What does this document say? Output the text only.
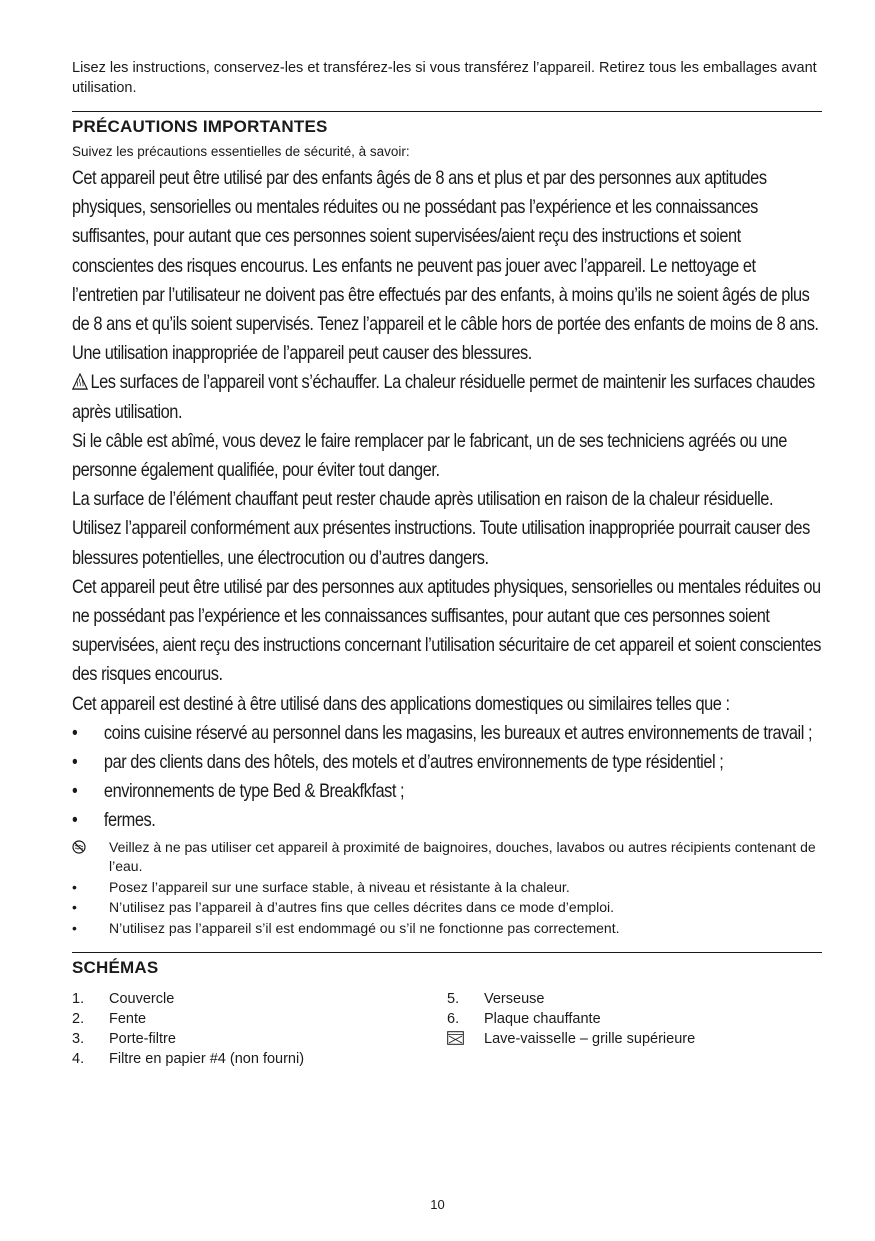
Lisez les instructions, conservez-les et transférez-les si vous transférez l’appareil. Retirez tous les emballages avant utilisation.

PRÉCAUTIONS IMPORTANTES

Suivez les précautions essentielles de sécurité, à savoir:

Cet appareil peut être utilisé par des enfants âgés de 8 ans et plus et par des personnes aux aptitudes physiques, sensorielles ou mentales réduites ou ne possédant pas l’expérience et les connaissances suffisantes, pour autant que ces personnes soient supervisées/aient reçu des instructions et soient conscientes des risques encourus. Les enfants ne peuvent pas jouer avec l’appareil. Le nettoyage et l’entretien par l’utilisateur ne doivent pas être effectués par des enfants, à moins qu’ils ne soient âgés de plus de 8 ans et qu’ils soient supervisés. Tenez l’appareil et le câble hors de portée des enfants de moins de 8 ans.

Une utilisation inappropriée de l’appareil peut causer des blessures.

Les surfaces de l’appareil vont s’échauffer. La chaleur résiduelle permet de maintenir les surfaces chaudes après utilisation.

Si le câble est abîmé, vous devez le faire remplacer par le fabricant, un de ses techniciens agréés ou une personne également qualifiée, pour éviter tout danger.

La surface de l’élément chauffant peut rester chaude après utilisation en raison de la chaleur résiduelle.

Utilisez l’appareil conformément aux présentes instructions. Toute utilisation inappropriée pourrait causer des blessures potentielles, une électrocution ou d’autres dangers.

Cet appareil peut être utilisé par des personnes aux aptitudes physiques, sensorielles ou mentales réduites ou ne possédant pas l’expérience et les connaissances suffisantes, pour autant que ces personnes soient supervisées, aient reçu des instructions concernant l’utilisation sécuritaire de cet appareil et soient conscientes des risques encourus.

Cet appareil est destiné à être utilisé dans des applications domestiques ou similaires telles que :

•	coins cuisine réservé au personnel dans les magasins, les bureaux et autres environnements de travail ;
•	par des clients dans des hôtels, des motels et d’autres environnements de type résidentiel ;
•	environnements de type Bed & Breakfkfast ;
•	fermes.
Veillez à ne pas utiliser cet appareil à proximité de baignoires, douches, lavabos ou autres récipients contenant de l’eau.
•	Posez l’appareil sur une surface stable, à niveau et résistante à la chaleur.
•	N’utilisez pas l’appareil à d’autres fins que celles décrites dans ce mode d’emploi.
•	N’utilisez pas l’appareil s’il est endommagé ou s’il ne fonctionne pas correctement.
SCHÉMAS
1.	Couvercle
2.	Fente
3.	Porte-filtre
4.	Filtre en papier #4 (non fourni)
5.	Verseuse
6.	Plaque chauffante
Lave-vaisselle – grille supérieure
10
